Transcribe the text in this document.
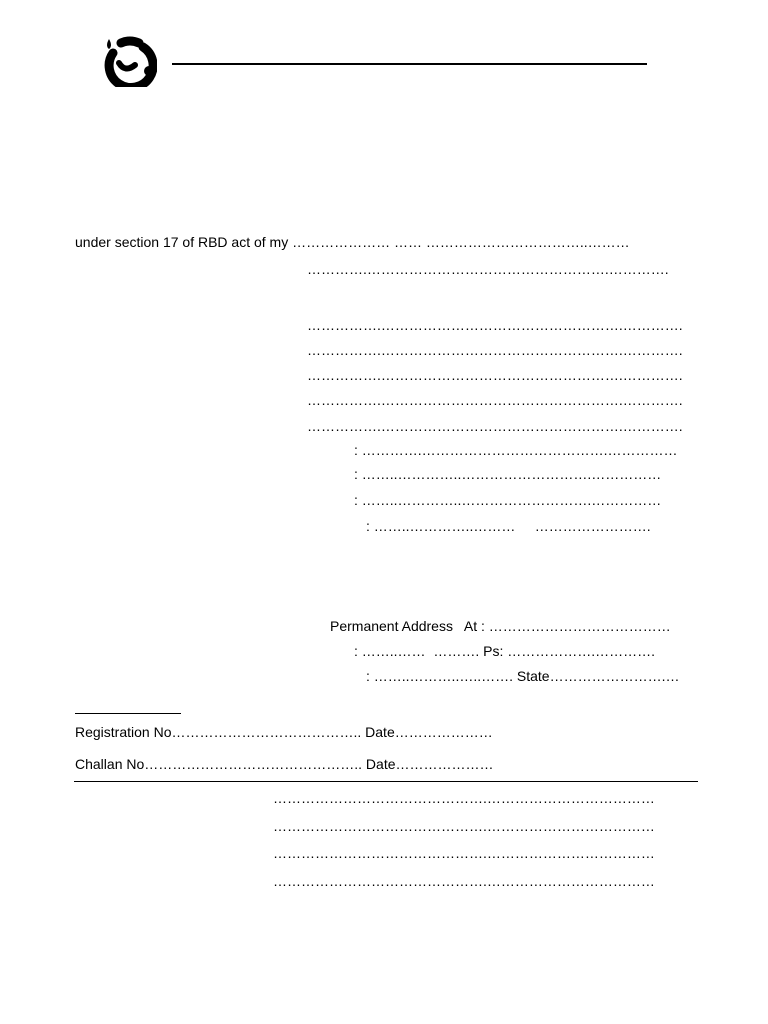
under section 17 of RBD act of my ………………… …… ……………………………..………
………….…………………………………………….………….
…………….…………………………………………….………….
…………….…………………………………………….………….
…………….…………………………………………….………….
…………….…………………………………………….………….
…………….…………………………………………….………….
: ………….………………………………….……………
: ……..…………..……………………….……………
: ……..…………..……………………….……………
: ……..…………..………     …………………….
Permanent Address   At : …………………………………
: ……..……  ………. Ps: ……………….………….
: ……..………..…..……. State…………………….…
Registration No………………………………….. Date…………………
Challan No……………………………………….. Date…………………
……………………………………….………………………………
……………………………………….………………………………
……………………………………….………………………………
……………………………………….………………………………
